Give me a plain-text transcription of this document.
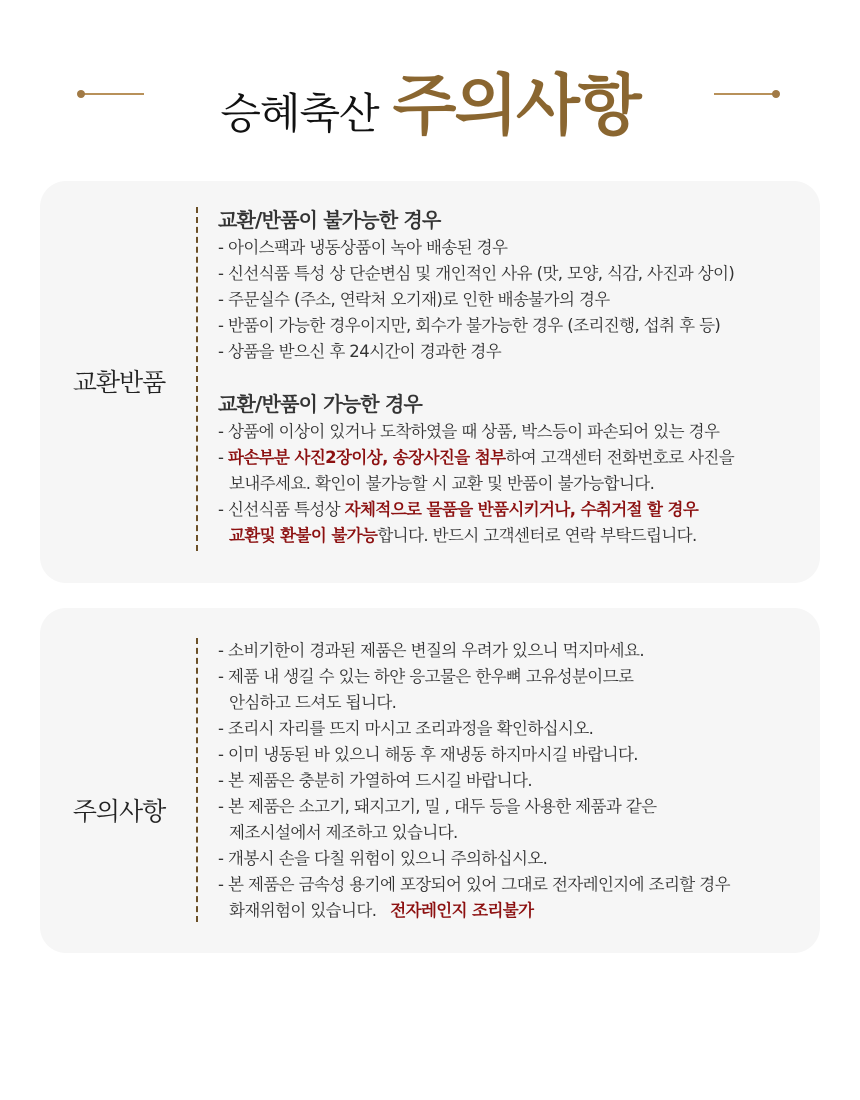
승혜축산 주의사항
교환반품
교환/반품이 불가능한 경우
- 아이스팩과 냉동상품이 녹아 배송된 경우
- 신선식품 특성 상 단순변심 및 개인적인 사유 (맛, 모양, 식감, 사진과 상이)
- 주문실수 (주소, 연락처 오기재)로 인한 배송불가의 경우
- 반품이 가능한 경우이지만, 회수가 불가능한 경우 (조리진행, 섭취 후 등)
- 상품을 받으신 후 24시간이 경과한 경우
교환/반품이 가능한 경우
- 상품에 이상이 있거나 도착하였을 때 상품, 박스등이 파손되어 있는 경우
- 파손부분 사진2장이상, 송장사진을 첨부하여 고객센터 전화번호로 사진을
보내주세요. 확인이 불가능할 시 교환 및 반품이 불가능합니다.
- 신선식품 특성상 자체적으로 물품을 반품시키거나, 수취거절 할 경우
교환및 환불이 불가능합니다. 반드시 고객센터로 연락 부탁드립니다.
주의사항
- 소비기한이 경과된 제품은 변질의 우려가 있으니 먹지마세요.
- 제품 내 생길 수 있는 하얀 응고물은 한우뼈 고유성분이므로
안심하고 드셔도 됩니다.
- 조리시 자리를 뜨지 마시고 조리과정을 확인하십시오.
- 이미 냉동된 바 있으니 해동 후 재냉동 하지마시길 바랍니다.
- 본 제품은 충분히 가열하여 드시길 바랍니다.
- 본 제품은 소고기, 돼지고기, 밀 , 대두 등을 사용한 제품과 같은
제조시설에서 제조하고 있습니다.
- 개봉시 손을 다칠 위험이 있으니 주의하십시오.
- 본 제품은 금속성 용기에 포장되어 있어 그대로 전자레인지에 조리할 경우
화재위험이 있습니다. 전자레인지 조리불가
